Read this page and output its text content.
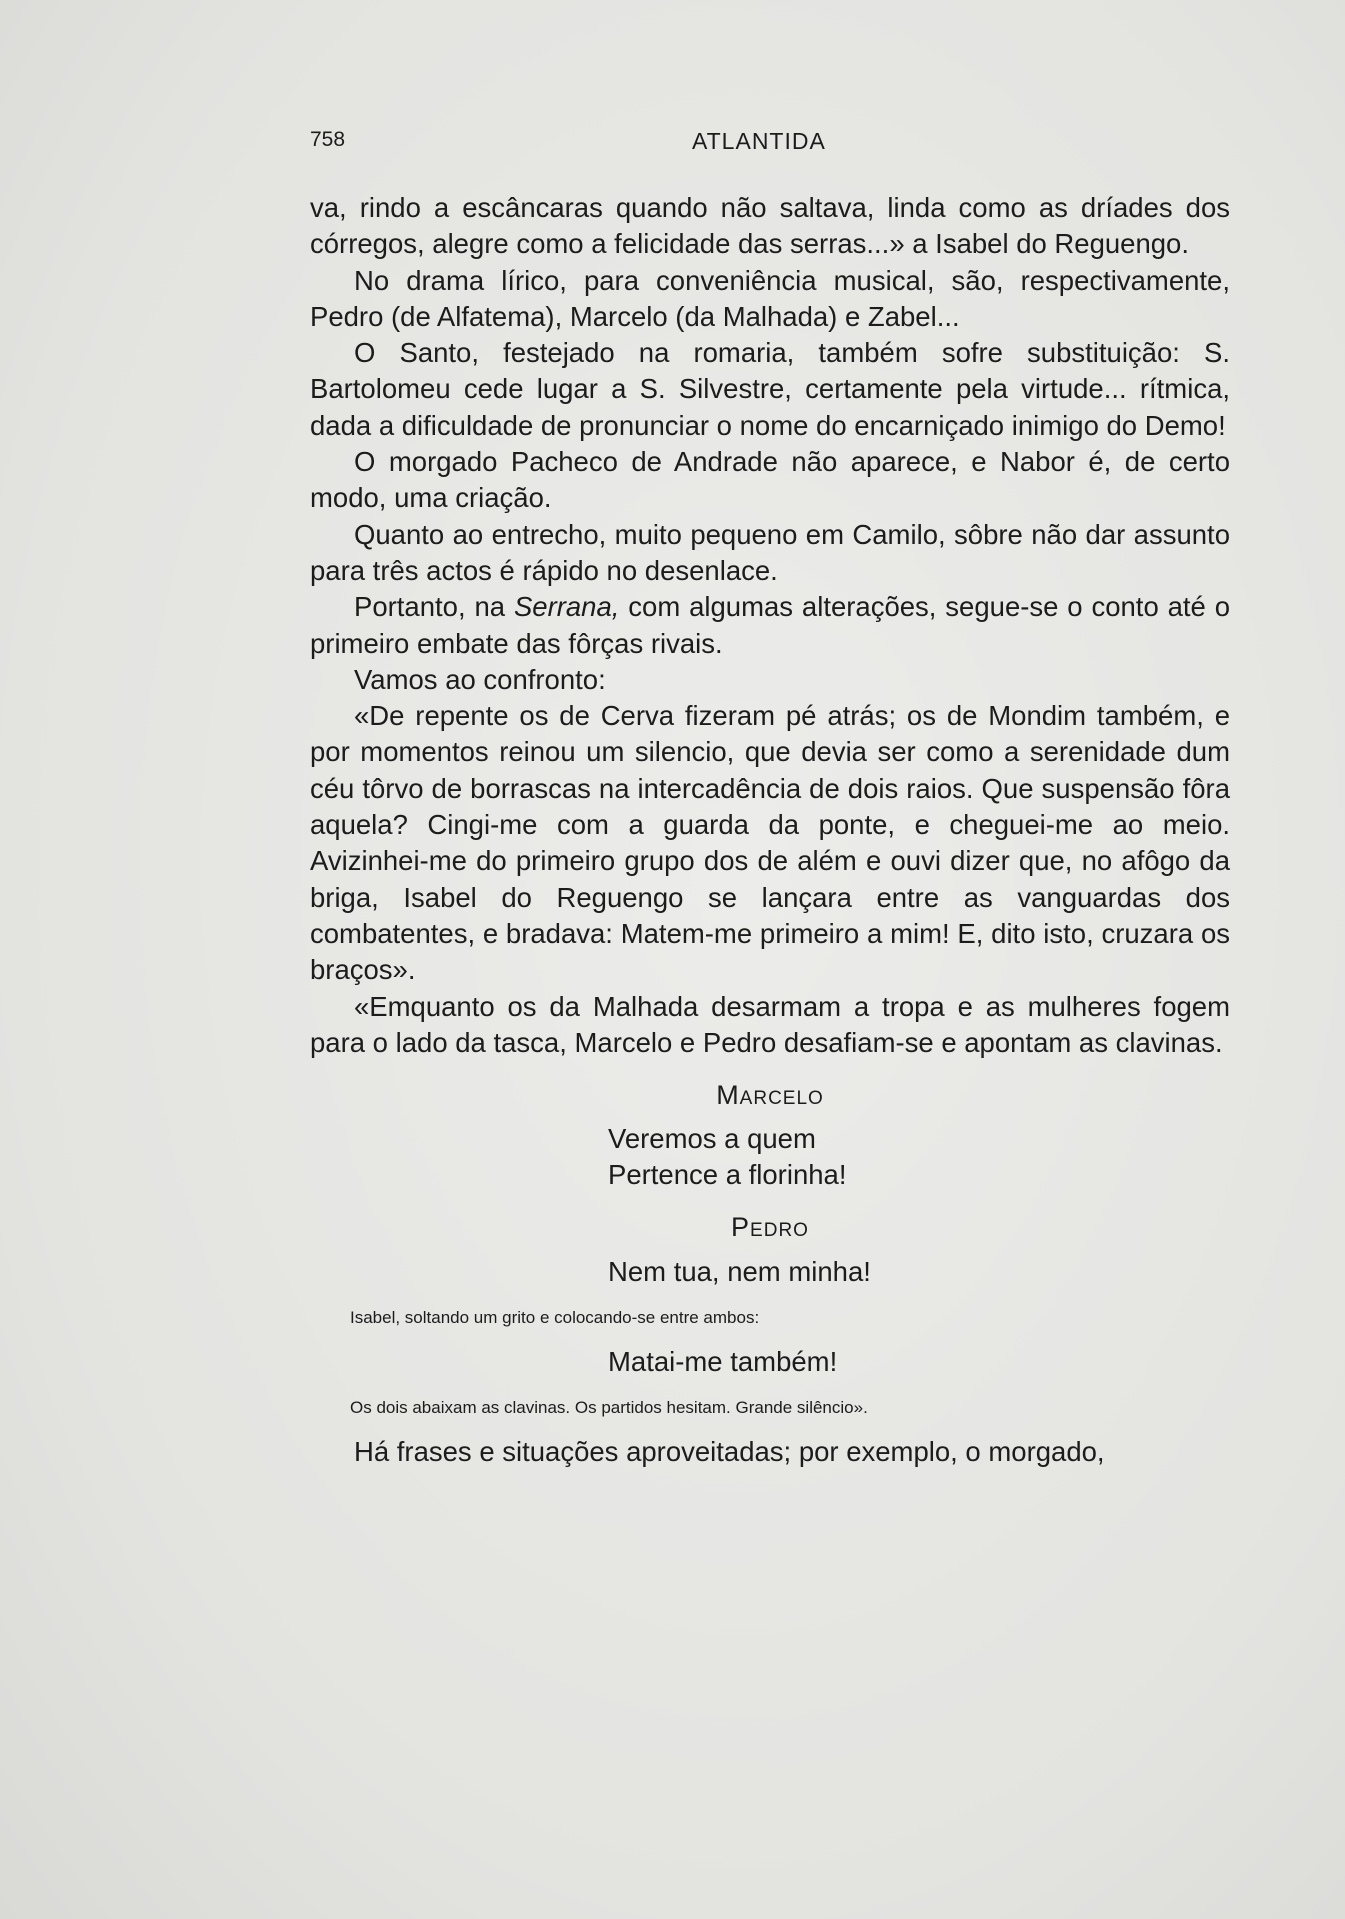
758	ATLANTIDA

va, rindo a escâncaras quando não saltava, linda como as dríades dos córregos, alegre como a felicidade das serras...» a Isabel do Reguengo.

No drama lírico, para conveniência musical, são, respectivamente, Pedro (de Alfatema), Marcelo (da Malhada) e Zabel...

O Santo, festejado na romaria, também sofre substituição: S. Bartolomeu cede lugar a S. Silvestre, certamente pela virtude... rítmica, dada a dificuldade de pronunciar o nome do encarniçado inimigo do Demo!

O morgado Pacheco de Andrade não aparece, e Nabor é, de certo modo, uma criação.

Quanto ao entrecho, muito pequeno em Camilo, sôbre não dar assunto para três actos é rápido no desenlace.

Portanto, na Serrana, com algumas alterações, segue-se o conto até o primeiro embate das fôrças rivais.

Vamos ao confronto:

«De repente os de Cerva fizeram pé atrás; os de Mondim também, e por momentos reinou um silencio, que devia ser como a serenidade dum céu tôrvo de borrascas na intercadência de dois raios. Que suspensão fôra aquela? Cingi-me com a guarda da ponte, e cheguei-me ao meio. Avizinhei-me do primeiro grupo dos de além e ouvi dizer que, no afôgo da briga, Isabel do Reguengo se lançara entre as vanguardas dos combatentes, e bradava: Matem-me primeiro a mim! E, dito isto, cruzara os braços».

«Emquanto os da Malhada desarmam a tropa e as mulheres fogem para o lado da tasca, Marcelo e Pedro desafiam-se e apontam as clavinas.

Marcelo
Veremos a quem
Pertence a florinha!
Pedro
Nem tua, nem minha!
Isabel, soltando um grito e colocando-se entre ambos:
Matai-me também!
Os dois abaixam as clavinas. Os partidos hesitam. Grande silêncio».

Há frases e situações aproveitadas; por exemplo, o morgado,
